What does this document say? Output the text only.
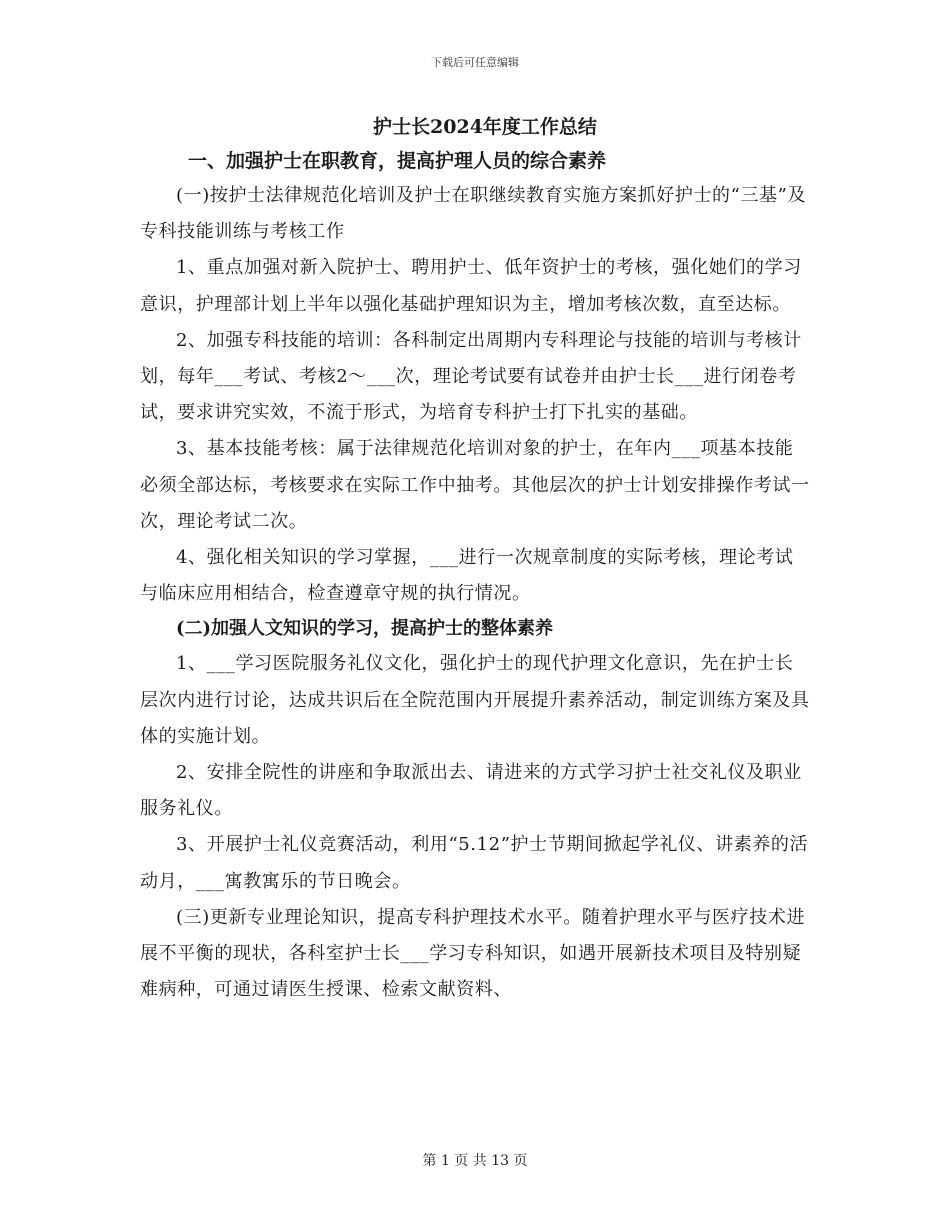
下载后可任意编辑

护士长2024年度工作总结

一、加强护士在职教育，提高护理人员的综合素养

(一)按护士法律规范化培训及护士在职继续教育实施方案抓好护士的“三基”及专科技能训练与考核工作

1、重点加强对新入院护士、聘用护士、低年资护士的考核，强化她们的学习意识，护理部计划上半年以强化基础护理知识为主，增加考核次数，直至达标。

2、加强专科技能的培训：各科制定出周期内专科理论与技能的培训与考核计划，每年___考试、考核2～___次，理论考试要有试卷并由护士长___进行闭卷考试，要求讲究实效，不流于形式，为培育专科护士打下扎实的基础。

3、基本技能考核：属于法律规范化培训对象的护士，在年内___项基本技能必须全部达标，考核要求在实际工作中抽考。其他层次的护士计划安排操作考试一次，理论考试二次。

4、强化相关知识的学习掌握，___进行一次规章制度的实际考核，理论考试与临床应用相结合，检查遵章守规的执行情况。

(二)加强人文知识的学习，提高护士的整体素养

1、___学习医院服务礼仪文化，强化护士的现代护理文化意识，先在护士长层次内进行讨论，达成共识后在全院范围内开展提升素养活动，制定训练方案及具体的实施计划。

2、安排全院性的讲座和争取派出去、请进来的方式学习护士社交礼仪及职业服务礼仪。

3、开展护士礼仪竞赛活动，利用“5.12”护士节期间掀起学礼仪、讲素养的活动月，___寓教寓乐的节日晚会。

(三)更新专业理论知识，提高专科护理技术水平。随着护理水平与医疗技术进展不平衡的现状，各科室护士长___学习专科知识，如遇开展新技术项目及特别疑难病种，可通过请医生授课、检索文献资料、

第 1 页 共 13 页
